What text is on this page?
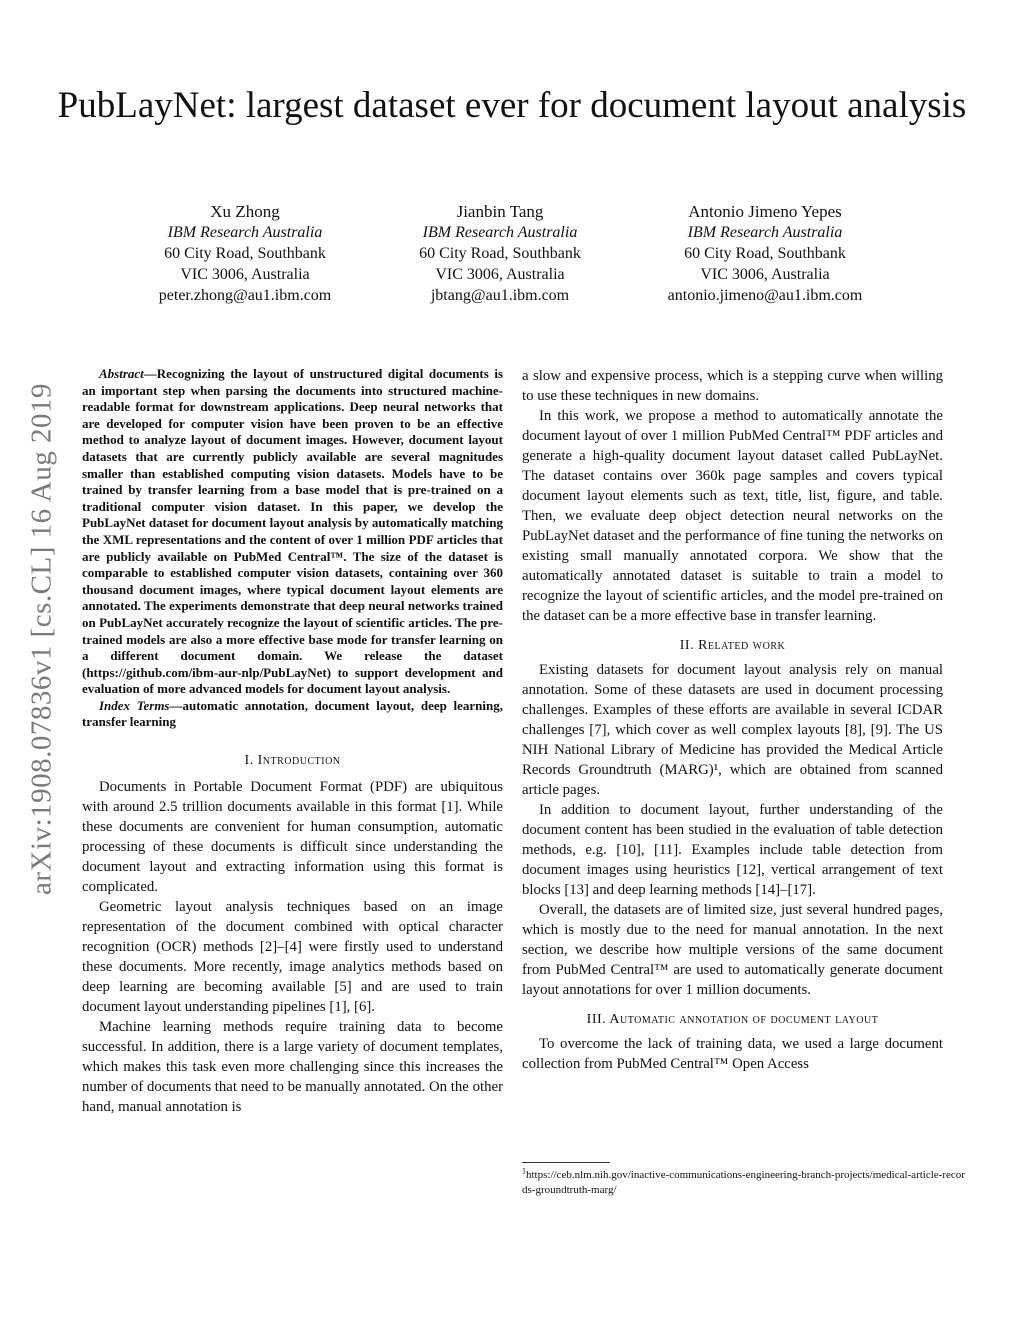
PubLayNet: largest dataset ever for document layout analysis
Xu Zhong
IBM Research Australia
60 City Road, Southbank
VIC 3006, Australia
peter.zhong@au1.ibm.com
Jianbin Tang
IBM Research Australia
60 City Road, Southbank
VIC 3006, Australia
jbtang@au1.ibm.com
Antonio Jimeno Yepes
IBM Research Australia
60 City Road, Southbank
VIC 3006, Australia
antonio.jimeno@au1.ibm.com
arXiv:1908.07836v1 [cs.CL] 16 Aug 2019
Abstract—Recognizing the layout of unstructured digital documents is an important step when parsing the documents into structured machine-readable format for downstream applications. Deep neural networks that are developed for computer vision have been proven to be an effective method to analyze layout of document images. However, document layout datasets that are currently publicly available are several magnitudes smaller than established computing vision datasets. Models have to be trained by transfer learning from a base model that is pre-trained on a traditional computer vision dataset. In this paper, we develop the PubLayNet dataset for document layout analysis by automatically matching the XML representations and the content of over 1 million PDF articles that are publicly available on PubMed Central™. The size of the dataset is comparable to established computer vision datasets, containing over 360 thousand document images, where typical document layout elements are annotated. The experiments demonstrate that deep neural networks trained on PubLayNet accurately recognize the layout of scientific articles. The pre-trained models are also a more effective base mode for transfer learning on a different document domain. We release the dataset (https://github.com/ibm-aur-nlp/PubLayNet) to support development and evaluation of more advanced models for document layout analysis.
Index Terms—automatic annotation, document layout, deep learning, transfer learning
I. Introduction

Documents in Portable Document Format (PDF) are ubiquitous with around 2.5 trillion documents available in this format [1]. While these documents are convenient for human consumption, automatic processing of these documents is difficult since understanding the document layout and extracting information using this format is complicated.

Geometric layout analysis techniques based on an image representation of the document combined with optical character recognition (OCR) methods [2]–[4] were firstly used to understand these documents. More recently, image analytics methods based on deep learning are becoming available [5] and are used to train document layout understanding pipelines [1], [6].

Machine learning methods require training data to become successful. In addition, there is a large variety of document templates, which makes this task even more challenging since this increases the number of documents that need to be manually annotated. On the other hand, manual annotation is

a slow and expensive process, which is a stepping curve when willing to use these techniques in new domains.

In this work, we propose a method to automatically annotate the document layout of over 1 million PubMed Central™ PDF articles and generate a high-quality document layout dataset called PubLayNet. The dataset contains over 360k page samples and covers typical document layout elements such as text, title, list, figure, and table. Then, we evaluate deep object detection neural networks on the PubLayNet dataset and the performance of fine tuning the networks on existing small manually annotated corpora. We show that the automatically annotated dataset is suitable to train a model to recognize the layout of scientific articles, and the model pre-trained on the dataset can be a more effective base in transfer learning.

II. Related work

Existing datasets for document layout analysis rely on manual annotation. Some of these datasets are used in document processing challenges. Examples of these efforts are available in several ICDAR challenges [7], which cover as well complex layouts [8], [9]. The US NIH National Library of Medicine has provided the Medical Article Records Groundtruth (MARG)¹, which are obtained from scanned article pages.

In addition to document layout, further understanding of the document content has been studied in the evaluation of table detection methods, e.g. [10], [11]. Examples include table detection from document images using heuristics [12], vertical arrangement of text blocks [13] and deep learning methods [14]–[17].

Overall, the datasets are of limited size, just several hundred pages, which is mostly due to the need for manual annotation. In the next section, we describe how multiple versions of the same document from PubMed Central™ are used to automatically generate document layout annotations for over 1 million documents.

III. Automatic annotation of document layout

To overcome the lack of training data, we used a large document collection from PubMed Central™ Open Access

$^1$https://ceb.nlm.nih.gov/inactive-communications-engineering-branch-projects/medical-article-records-groundtruth-marg/
